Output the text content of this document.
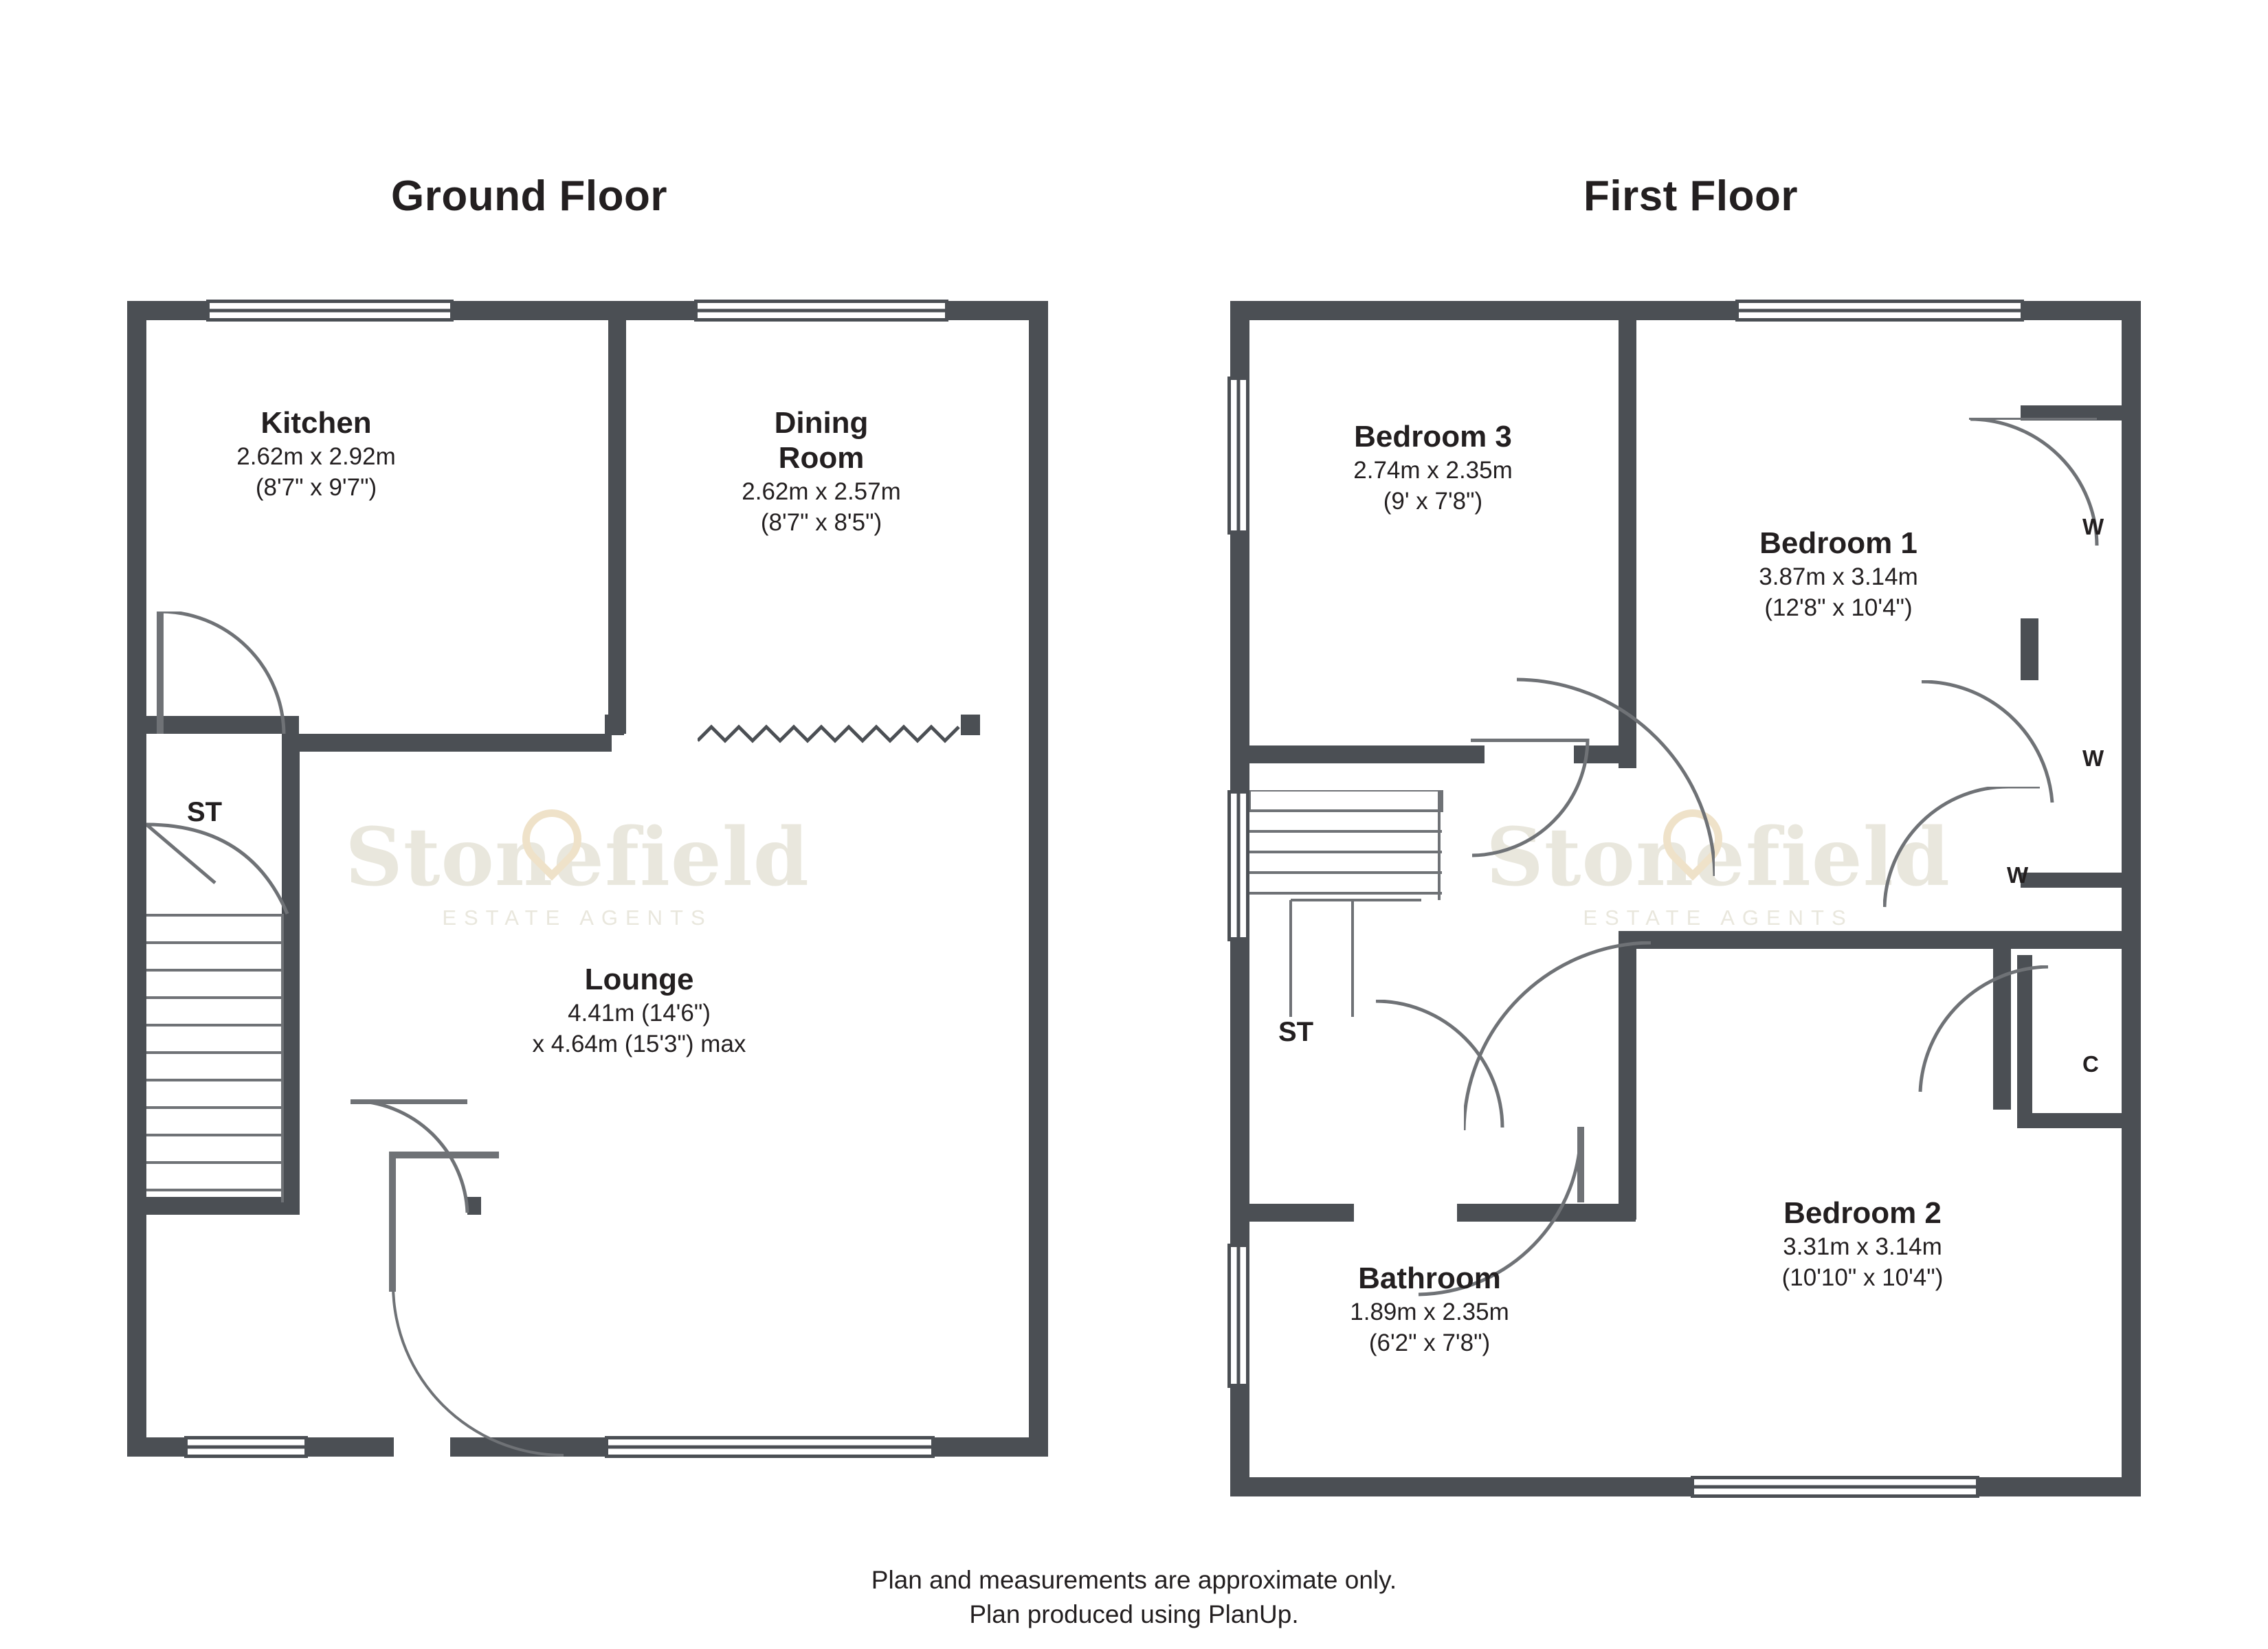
Ground Floor	First Floor
Stonefield
ESTATE AGENTS
Kitchen
2.62m x 2.92m
(8'7" x 9'7")
Dining
Room
2.62m x 2.57m
(8'7" x 8'5")
Lounge
4.41m (14'6")
x 4.64m (15'3") max
ST	Stonefield
ESTATE AGENTS
Bedroom 3
2.74m x 2.35m
(9' x 7'8")
Bedroom 1
3.87m x 3.14m
(12'8" x 10'4")
Bedroom 2
3.31m x 3.14m
(10'10" x 10'4")
Bathroom
1.89m x 2.35m
(6'2" x 7'8")
ST
W
W
W
C
Plan and measurements are approximate only.
Plan produced using PlanUp.
